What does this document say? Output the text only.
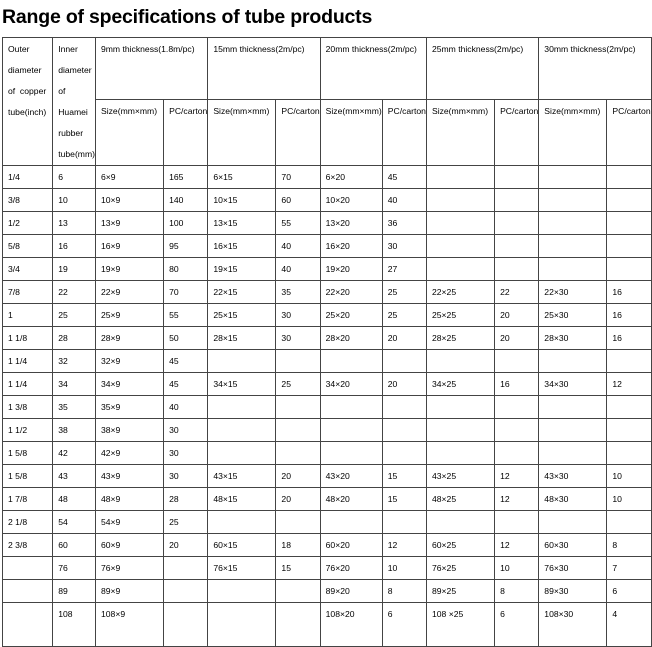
Range of specifications of tube products
Outer diameter of copper tube(inch)	Inner diameter of Huamei rubber tube(mm)	9mm thickness(1.8m/pc)		15mm thickness(2m/pc)		20mm thickness(2m/pc)		25mm thickness(2m/pc)		30mm thickness(2m/pc)	
		Size(mm×mm)	PC/carton	Size(mm×mm)	PC/carton	Size(mm×mm)	PC/carton	Size(mm×mm)	PC/carton	Size(mm×mm)	PC/carton
1/4	6	6×9	165	6×15	70	6×20	45				
3/8	10	10×9	140	10×15	60	10×20	40				
1/2	13	13×9	100	13×15	55	13×20	36				
5/8	16	16×9	95	16×15	40	16×20	30				
3/4	19	19×9	80	19×15	40	19×20	27				
7/8	22	22×9	70	22×15	35	22×20	25	22×25	22	22×30	16
1	25	25×9	55	25×15	30	25×20	25	25×25	20	25×30	16
1 1/8	28	28×9	50	28×15	30	28×20	20	28×25	20	28×30	16
1 1/4	32	32×9	45								
1 1/4	34	34×9	45	34×15	25	34×20	20	34×25	16	34×30	12
1 3/8	35	35×9	40								
1 1/2	38	38×9	30								
1 5/8	42	42×9	30								
1 5/8	43	43×9	30	43×15	20	43×20	15	43×25	12	43×30	10
1 7/8	48	48×9	28	48×15	20	48×20	15	48×25	12	48×30	10
2 1/8	54	54×9	25								
2 3/8	60	60×9	20	60×15	18	60×20	12	60×25	12	60×30	8
	76	76×9		76×15	15	76×20	10	76×25	10	76×30	7
	89	89×9				89×20	8	89×25	8	89×30	6
	108	108×9				108×20	6	108 ×25	6	108×30	4
